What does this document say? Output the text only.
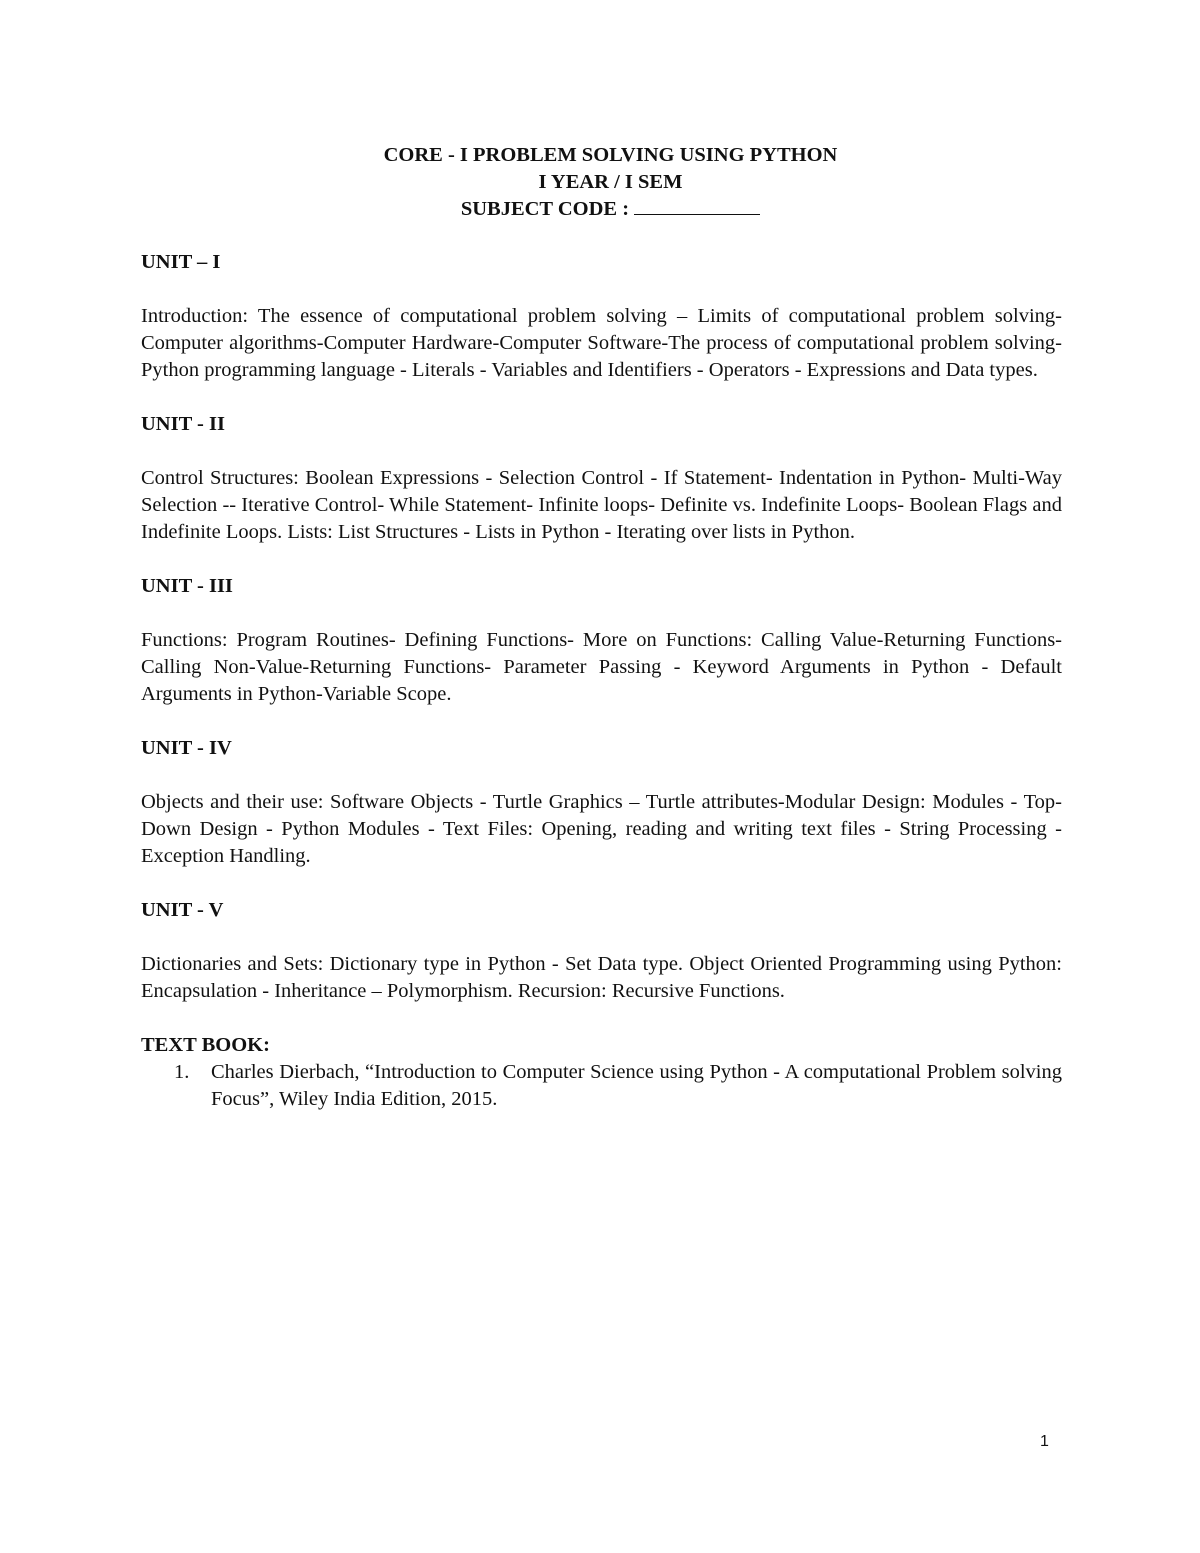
CORE - I PROBLEM SOLVING USING PYTHON
I YEAR / I SEM
SUBJECT CODE :
UNIT – I
Introduction: The essence of computational problem solving – Limits of computational problem solving-Computer algorithms-Computer Hardware-Computer Software-The process of computational problem solving-Python programming language - Literals - Variables and Identifiers - Operators - Expressions and Data types.
UNIT - II
Control Structures: Boolean Expressions - Selection Control - If Statement- Indentation in Python- Multi-Way Selection -- Iterative Control- While Statement- Infinite loops- Definite vs. Indefinite Loops- Boolean Flags and Indefinite Loops. Lists: List Structures - Lists in Python - Iterating over lists in Python.
UNIT - III
Functions: Program Routines- Defining Functions- More on Functions: Calling Value-Returning Functions- Calling Non-Value-Returning Functions- Parameter Passing - Keyword Arguments in Python - Default Arguments in Python-Variable Scope.
UNIT - IV
Objects and their use: Software Objects - Turtle Graphics – Turtle attributes-Modular Design: Modules - Top-Down Design - Python Modules - Text Files: Opening, reading and writing text files - String Processing - Exception Handling.
UNIT - V
Dictionaries and Sets: Dictionary type in Python - Set Data type. Object Oriented Programming using Python: Encapsulation - Inheritance – Polymorphism. Recursion: Recursive Functions.
TEXT BOOK:
1. Charles Dierbach, “Introduction to Computer Science using Python - A computational Problem solving Focus”, Wiley India Edition, 2015.
1
